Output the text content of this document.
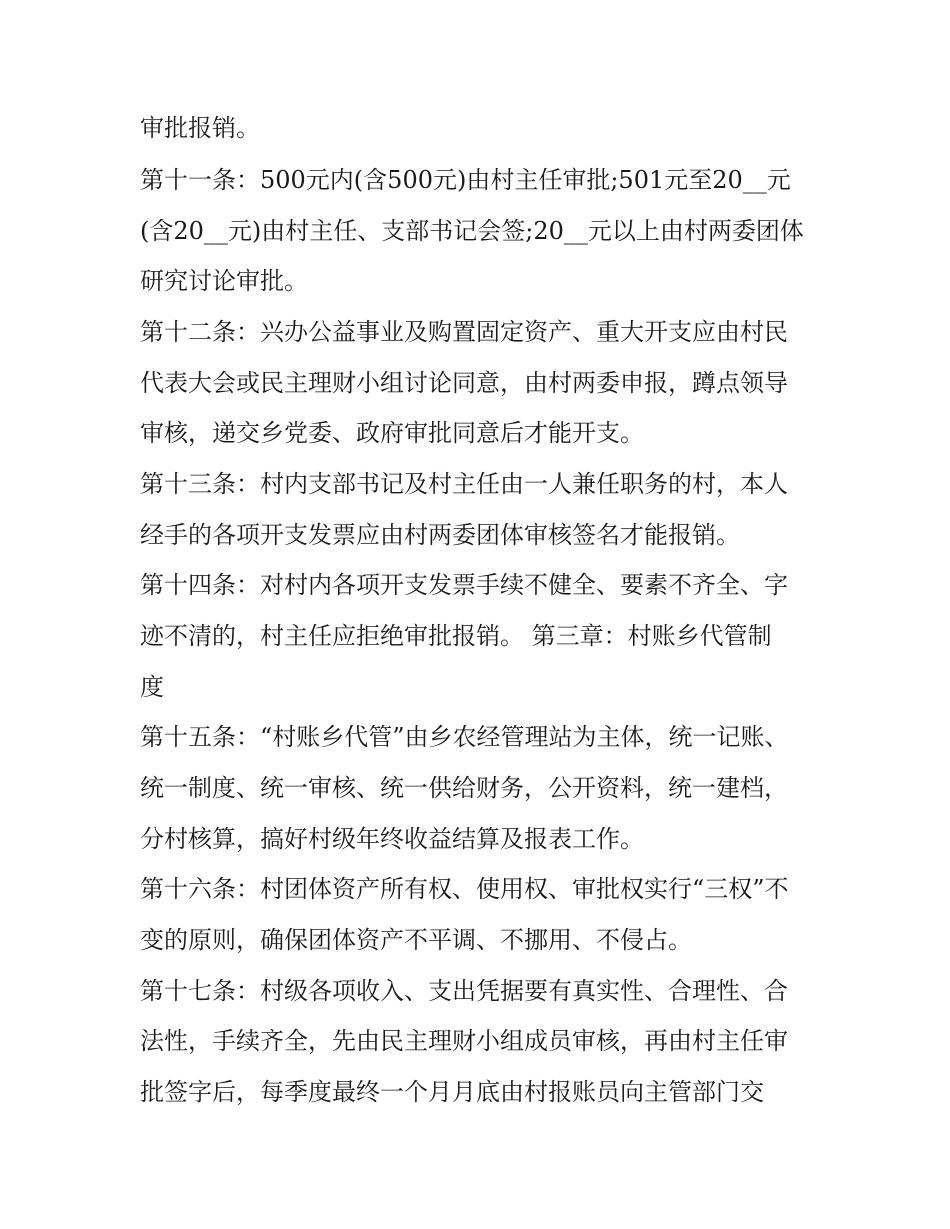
审批报销。
第十一条：500元内(含500元)由村主任审批;501元至20__元
(含20__元)由村主任、支部书记会签;20__元以上由村两委团体
研究讨论审批。
第十二条：兴办公益事业及购置固定资产、重大开支应由村民
代表大会或民主理财小组讨论同意，由村两委申报，蹲点领导
审核，递交乡党委、政府审批同意后才能开支。
第十三条：村内支部书记及村主任由一人兼任职务的村，本人
经手的各项开支发票应由村两委团体审核签名才能报销。
第十四条：对村内各项开支发票手续不健全、要素不齐全、字
迹不清的，村主任应拒绝审批报销。 第三章：村账乡代管制
度
第十五条：“村账乡代管”由乡农经管理站为主体，统一记账、
统一制度、统一审核、统一供给财务，公开资料，统一建档，
分村核算，搞好村级年终收益结算及报表工作。
第十六条：村团体资产所有权、使用权、审批权实行“三权”不
变的原则，确保团体资产不平调、不挪用、不侵占。
第十七条：村级各项收入、支出凭据要有真实性、合理性、合
法性，手续齐全，先由民主理财小组成员审核，再由村主任审
批签字后，每季度最终一个月月底由村报账员向主管部门交
